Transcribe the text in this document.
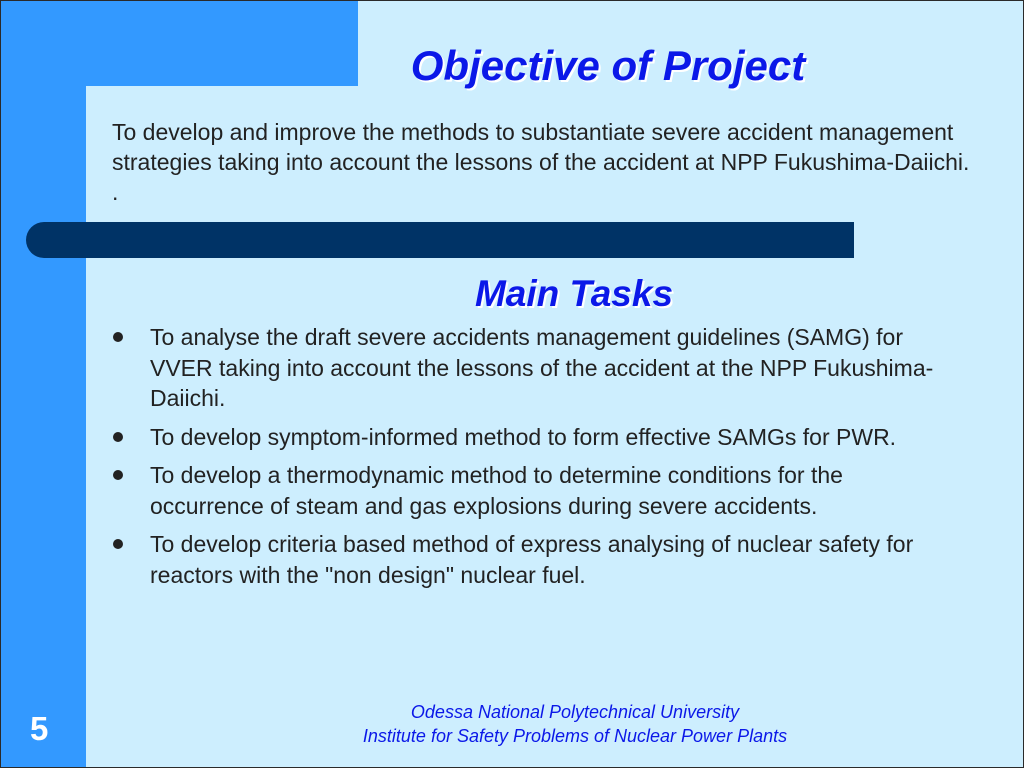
Objective of Project

To develop and improve the methods to substantiate severe accident management strategies taking into account the lessons of the accident at NPP Fukushima-Daiichi. .

Main Tasks
To analyse the draft severe accidents management guidelines (SAMG) for VVER taking into account the lessons of the accident at the NPP Fukushima-Daiichi.
To develop symptom-informed method to form effective SAMGs for PWR.
To develop a thermodynamic method to determine conditions for the occurrence of steam and gas explosions during severe accidents.
To develop criteria based method of express analysing of nuclear safety for reactors with the "non design" nuclear fuel.
5	Odessa National Polytechnical University
Institute for Safety Problems of Nuclear Power Plants
